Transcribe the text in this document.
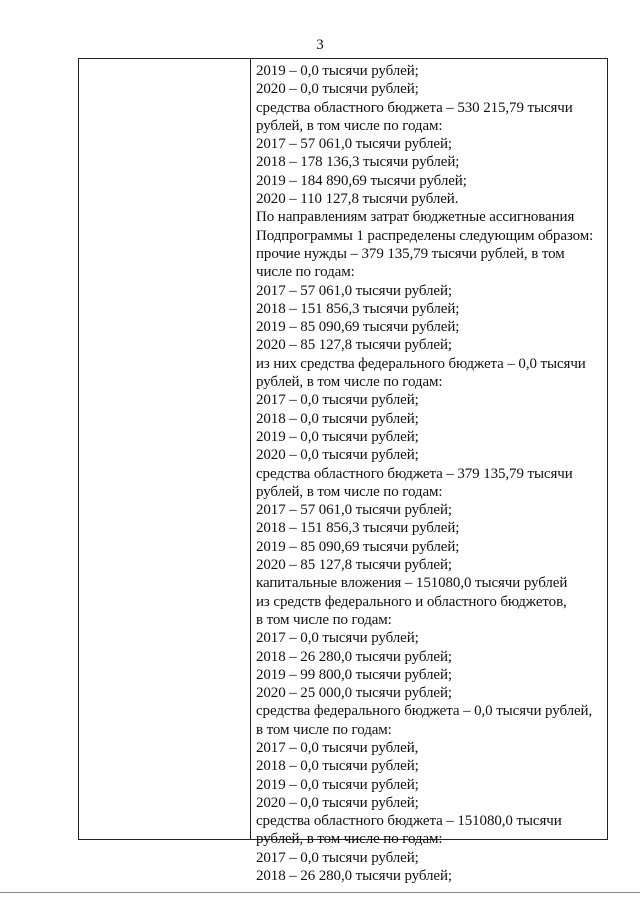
3
2019 – 0,0 тысячи рублей;
2020 – 0,0 тысячи рублей;
средства областного бюджета – 530 215,79 тысячи
рублей, в том числе по годам:
2017 – 57 061,0 тысячи рублей;
2018 – 178 136,3 тысячи рублей;
2019 – 184 890,69 тысячи рублей;
2020 – 110 127,8 тысячи рублей.
По направлениям затрат бюджетные ассигнования
Подпрограммы 1 распределены следующим образом:
прочие нужды – 379 135,79 тысячи рублей, в том
числе по годам:
2017 – 57 061,0 тысячи рублей;
2018 – 151 856,3 тысячи рублей;
2019 – 85 090,69 тысячи рублей;
2020 – 85 127,8 тысячи рублей;
из них средства федерального бюджета – 0,0 тысячи
рублей, в том числе по годам:
2017 – 0,0 тысячи рублей;
2018 – 0,0 тысячи рублей;
2019 – 0,0 тысячи рублей;
2020 – 0,0 тысячи рублей;
средства областного бюджета – 379 135,79 тысячи
рублей, в том числе по годам:
2017 – 57 061,0 тысячи рублей;
2018 – 151 856,3 тысячи рублей;
2019 – 85 090,69 тысячи рублей;
2020 – 85 127,8 тысячи рублей;
капитальные вложения – 151080,0 тысячи рублей
из средств федерального и областного бюджетов,
в том числе по годам:
2017 – 0,0 тысячи рублей;
2018 – 26 280,0 тысячи рублей;
2019 – 99 800,0 тысячи рублей;
2020 – 25 000,0 тысячи рублей;
средства федерального бюджета – 0,0 тысячи рублей,
в том числе по годам:
2017 – 0,0 тысячи рублей,
2018 – 0,0 тысячи рублей;
2019 – 0,0 тысячи рублей;
2020 – 0,0 тысячи рублей;
средства областного бюджета – 151080,0 тысячи
рублей, в том числе по годам:
2017 – 0,0 тысячи рублей;
2018 – 26 280,0 тысячи рублей;
